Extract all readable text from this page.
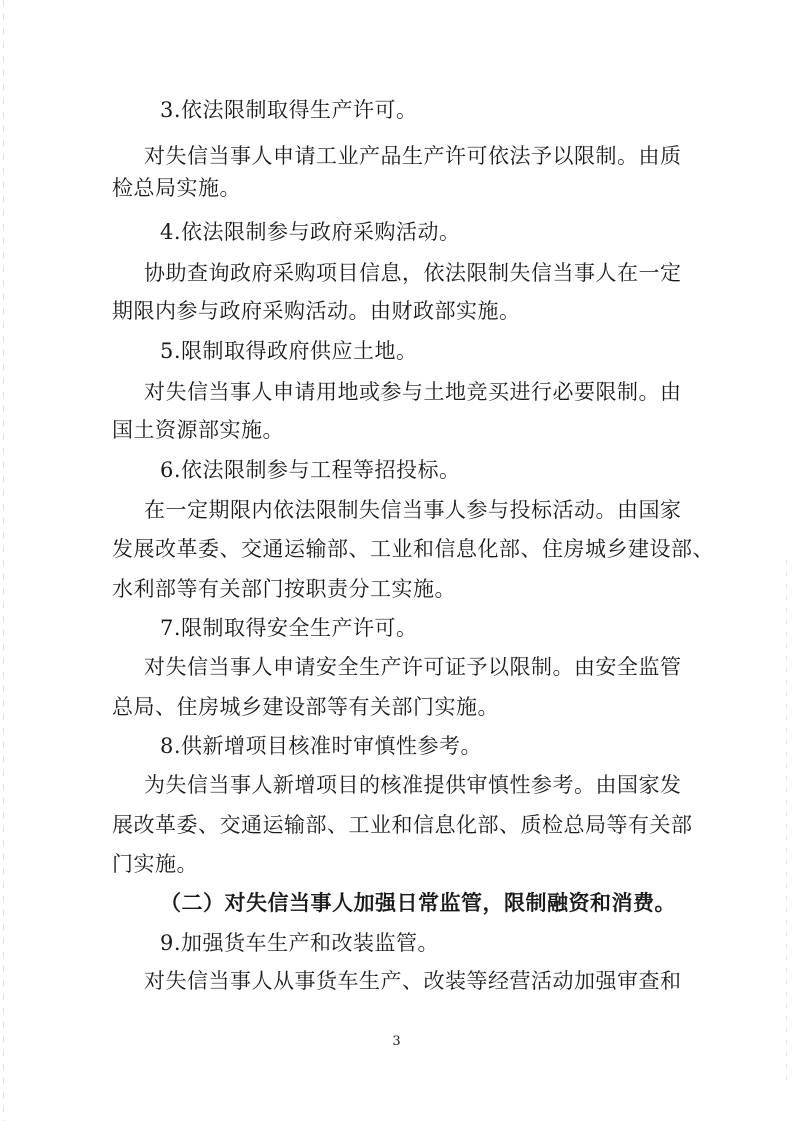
3.依法限制取得生产许可。
对失信当事人申请工业产品生产许可依法予以限制。由质
检总局实施。
4.依法限制参与政府采购活动。
协助查询政府采购项目信息，依法限制失信当事人在一定
期限内参与政府采购活动。由财政部实施。
5.限制取得政府供应土地。
对失信当事人申请用地或参与土地竞买进行必要限制。由
国土资源部实施。
6.依法限制参与工程等招投标。
在一定期限内依法限制失信当事人参与投标活动。由国家
发展改革委、交通运输部、工业和信息化部、住房城乡建设部、
水利部等有关部门按职责分工实施。
7.限制取得安全生产许可。
对失信当事人申请安全生产许可证予以限制。由安全监管
总局、住房城乡建设部等有关部门实施。
8.供新增项目核准时审慎性参考。
为失信当事人新增项目的核准提供审慎性参考。由国家发
展改革委、交通运输部、工业和信息化部、质检总局等有关部
门实施。
（二）对失信当事人加强日常监管，限制融资和消费。
9.加强货车生产和改装监管。
对失信当事人从事货车生产、改装等经营活动加强审查和
3
